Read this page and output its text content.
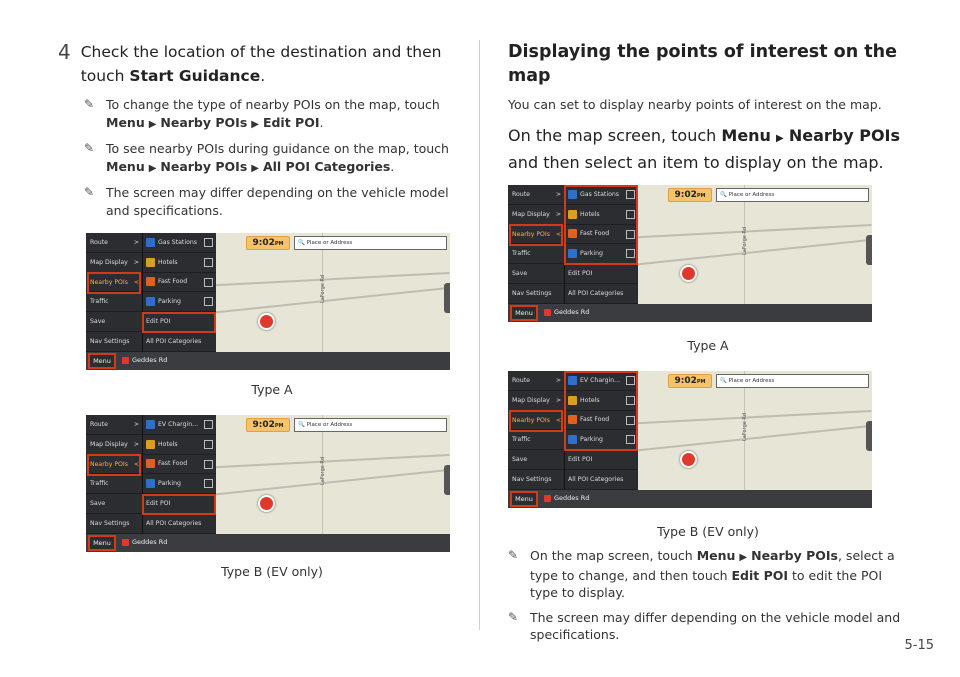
4 Check the location of the destination and then touch Start Guidance.
✎ To change the type of nearby POIs on the map, touch Menu ▶ Nearby POIs ▶ Edit POI.
✎ To see nearby POIs during guidance on the map, touch Menu ▶ Nearby POIs ▶ All POI Categories.
✎ The screen may differ depending on the vehicle model and specifications.
LaForge Rd
Route	>
Map Display >
Nearby POIs <
Traffic
Save
Nav Settings
Gas Stations
Hotels
Fast Food
Parking
Edit POI
All POI Categories
9:02PM	🔍 Place or Address
Menu	Geddes Rd
Type A
LaForge Rd
Route	>
Map Display >
Nearby POIs <
Traffic
Save
Nav Settings
EV Chargin...
Hotels
Fast Food
Parking
Edit POI
All POI Categories
9:02PM	🔍 Place or Address
Menu	Geddes Rd
Type B (EV only)
Displaying the points of interest on the map
You can set to display nearby points of interest on the map.
On the map screen, touch Menu ▶ Nearby POIs and then select an item to display on the map.
LaForge Rd
Route	>
Map Display >
Nearby POIs <
Traffic
Save
Nav Settings
Gas Stations
Hotels
Fast Food
Parking
Edit POI
All POI Categories
9:02PM	🔍 Place or Address
Menu	Geddes Rd
Type A
LaForge Rd
Route	>
Map Display >
Nearby POIs <
Traffic
Save
Nav Settings
EV Chargin...
Hotels
Fast Food
Parking
Edit POI
All POI Categories
9:02PM	🔍 Place or Address
Menu	Geddes Rd
Type B (EV only)
✎ On the map screen, touch Menu ▶ Nearby POIs, select a type to change, and then touch Edit POI to edit the POI type to display.
✎ The screen may differ depending on the vehicle model and specifications.
5-15
